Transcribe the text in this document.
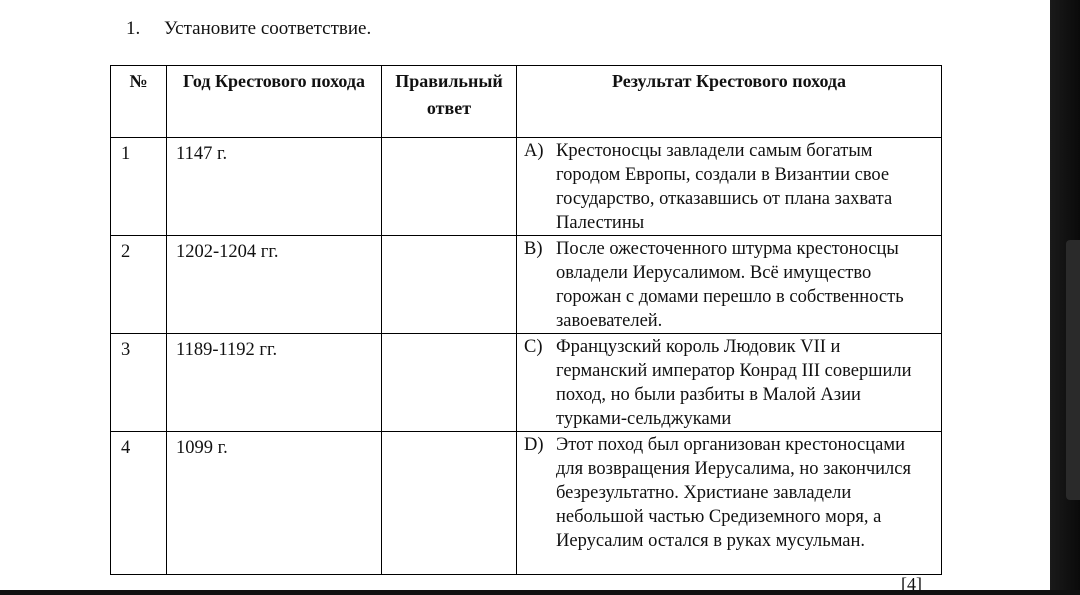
1. Установите соответствие.
№	Год Крестового похода	Правильный ответ	Результат Крестового похода
1	1147 г.		A) Крестоносцы завладели самым богатым городом Европы, создали в Византии свое государство, отказавшись от плана захвата Палестины

2	1202-1204 гг.		B) После ожесточенного штурма крестоносцы овладели Иерусалимом. Всё имущество горожан с домами перешло в собственность завоевателей.

3	1189-1192 гг.		C) Французский король Людовик VII и германский император Конрад III совершили поход, но были разбиты в Малой Азии турками-сельджуками

4	1099 г.		D) Этот поход был организован крестоносцами для возвращения Иерусалима, но закончился безрезультатно. Христиане завладели небольшой частью Средиземного моря, а Иерусалим остался в руках мусульман.
[4]
